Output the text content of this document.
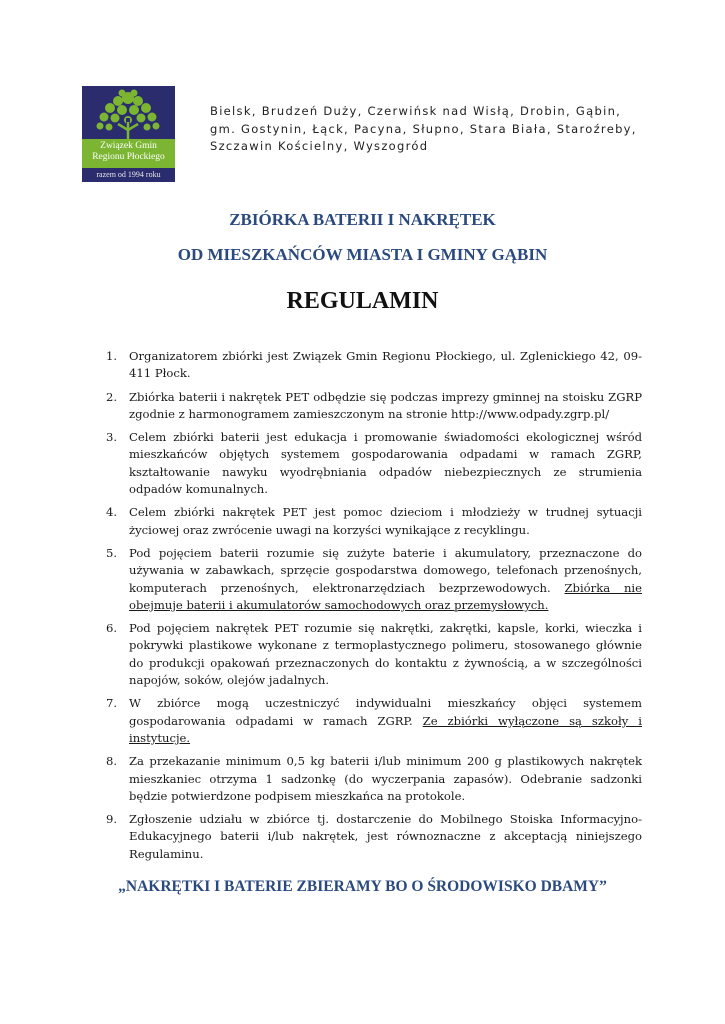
Związek Gmin
Regionu Płockiego
razem od 1994 roku
Bielsk, Brudzeń Duży, Czerwińsk nad Wisłą, Drobin, Gąbin,
gm. Gostynin, Łąck, Pacyna, Słupno, Stara Biała, Staroźreby,
Szczawin Kościelny, Wyszogród
ZBIÓRKA BATERII I NAKRĘTEK
OD MIESZKAŃCÓW MIASTA I GMINY GĄBIN
REGULAMIN
1.	Organizatorem zbiórki jest Związek Gmin Regionu Płockiego, ul. Zglenickiego 42, 09-411 Płock.
2.	Zbiórka baterii i nakrętek PET odbędzie się podczas imprezy gminnej na stoisku ZGRP zgodnie z harmonogramem zamieszczonym na stronie http://www.odpady.zgrp.pl/
3.	Celem zbiórki baterii jest edukacja i promowanie świadomości ekologicznej wśród mieszkańców objętych systemem gospodarowania odpadami w ramach ZGRP, kształtowanie nawyku wyodrębniania odpadów niebezpiecznych ze strumienia odpadów komunalnych.
4.	Celem zbiórki nakrętek PET jest pomoc dzieciom i młodzieży w trudnej sytuacji życiowej oraz zwrócenie uwagi na korzyści wynikające z recyklingu.
5.	Pod pojęciem baterii rozumie się zużyte baterie i akumulatory, przeznaczone do używania w zabawkach, sprzęcie gospodarstwa domowego, telefonach przenośnych, komputerach przenośnych, elektronarzędziach bezprzewodowych. Zbiórka nie obejmuje baterii i akumulatorów samochodowych oraz przemysłowych.
6.	Pod pojęciem nakrętek PET rozumie się nakrętki, zakrętki, kapsle, korki, wieczka i pokrywki plastikowe wykonane z termoplastycznego polimeru, stosowanego głównie do produkcji opakowań przeznaczonych do kontaktu z żywnością, a w szczególności napojów, soków, olejów jadalnych.
7.	W zbiórce mogą uczestniczyć indywidualni mieszkańcy objęci systemem gospodarowania odpadami w ramach ZGRP. Ze zbiórki wyłączone są szkoły i instytucje.
8.	Za przekazanie minimum 0,5 kg baterii i/lub minimum 200 g plastikowych nakrętek mieszkaniec otrzyma 1 sadzonkę (do wyczerpania zapasów). Odebranie sadzonki będzie potwierdzone podpisem mieszkańca na protokole.
9.	Zgłoszenie udziału w zbiórce tj. dostarczenie do Mobilnego Stoiska Informacyjno-Edukacyjnego baterii i/lub nakrętek, jest równoznaczne z akceptacją niniejszego Regulaminu.
„NAKRĘTKI I BATERIE ZBIERAMY BO O ŚRODOWISKO DBAMY”
